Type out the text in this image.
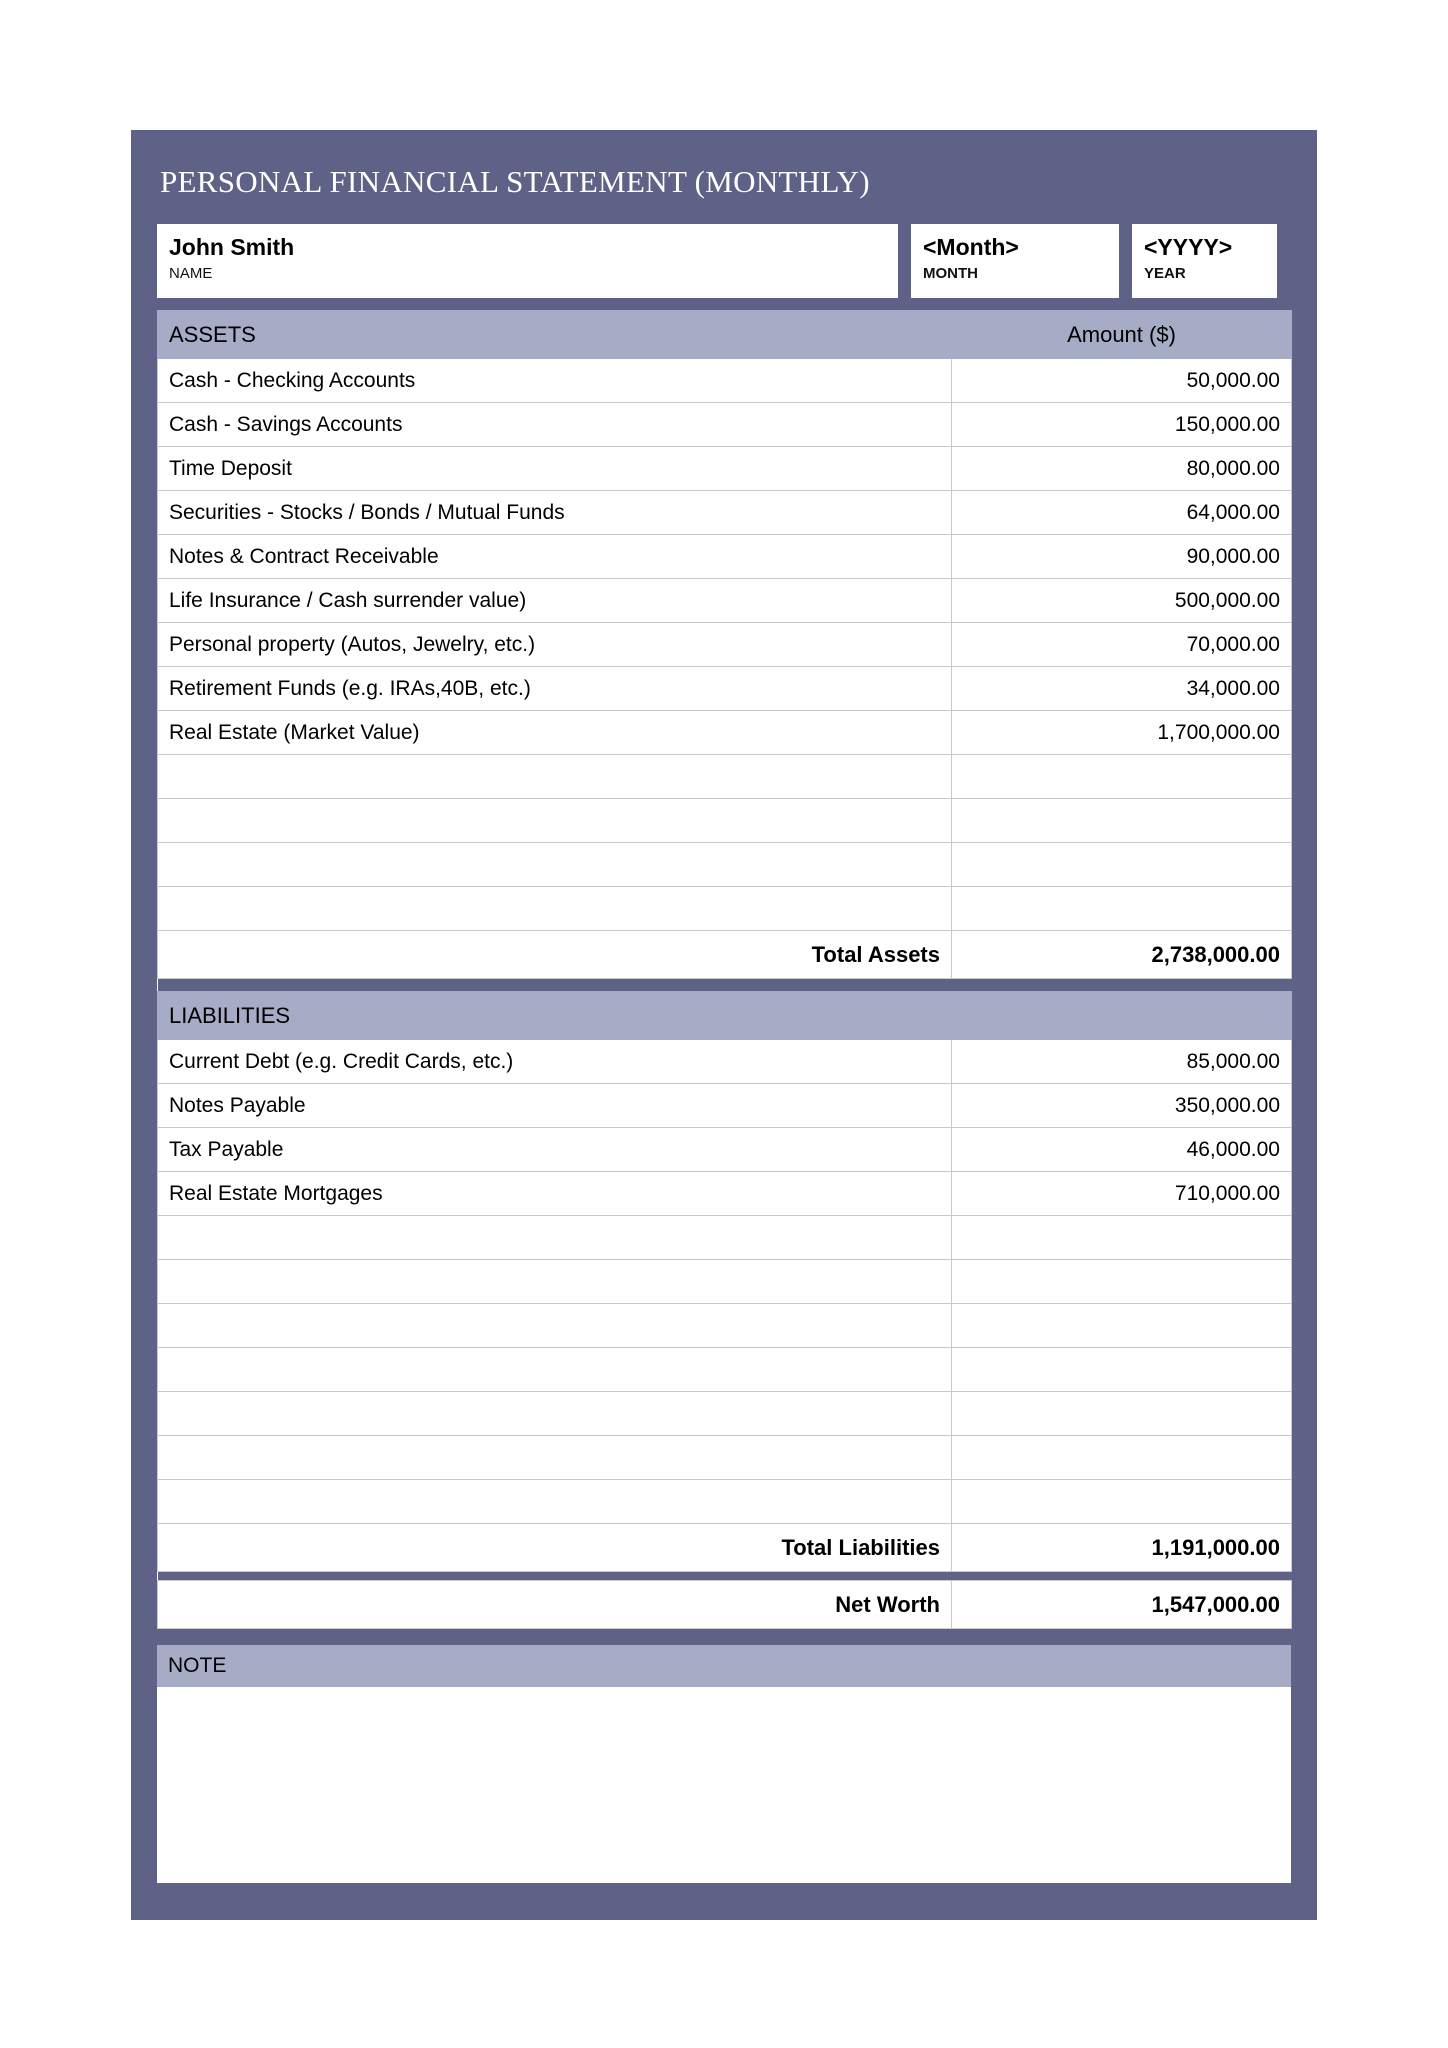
PERSONAL FINANCIAL STATEMENT (MONTHLY)
John Smith
NAME
<Month>
MONTH
<YYYY>
YEAR
ASSETS	Amount ($)
Cash - Checking Accounts	50,000.00
Cash - Savings Accounts	150,000.00
Time Deposit	80,000.00
Securities - Stocks / Bonds / Mutual Funds	64,000.00
Notes & Contract Receivable	90,000.00
Life Insurance / Cash surrender value)	500,000.00
Personal property (Autos, Jewelry, etc.)	70,000.00
Retirement Funds (e.g. IRAs,40B, etc.)	34,000.00
Real Estate (Market Value)	1,700,000.00

Total Assets	2,738,000.00

LIABILITIES	
Current Debt (e.g. Credit Cards, etc.)	85,000.00
Notes Payable	350,000.00
Tax Payable	46,000.00
Real Estate Mortgages	710,000.00

Total Liabilities	1,191,000.00

Net Worth	1,547,000.00
NOTE
